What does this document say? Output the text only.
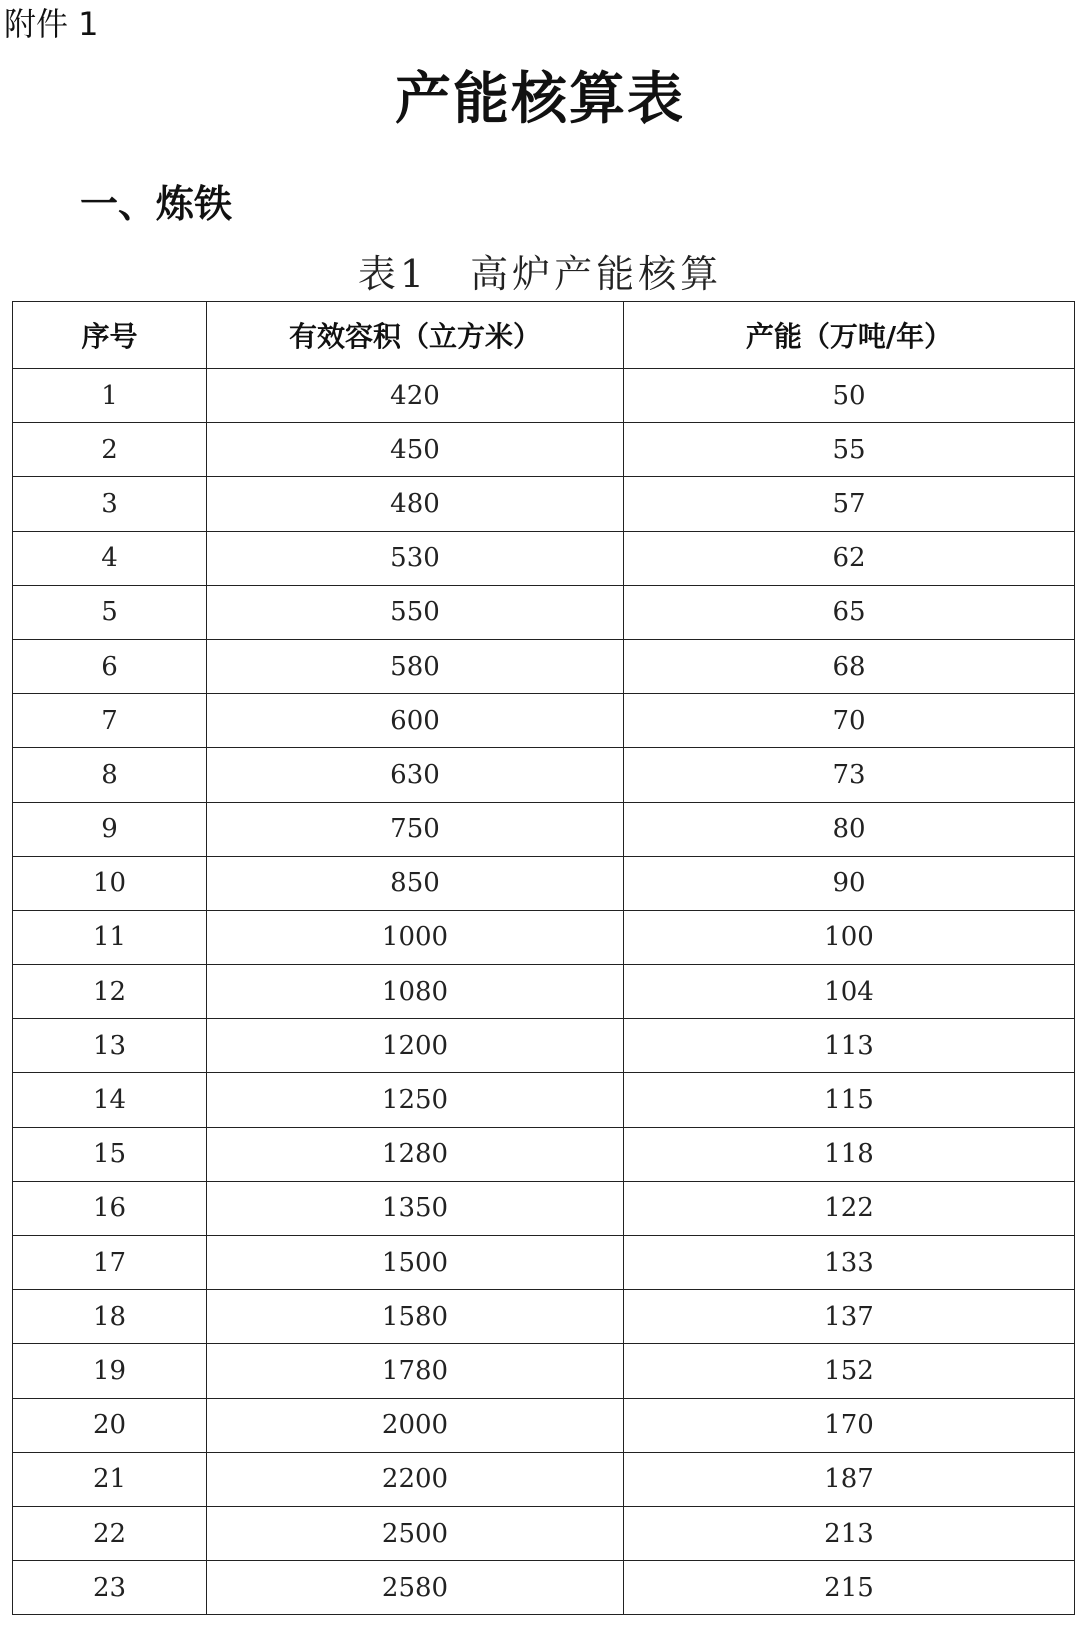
附件 1
产能核算表
一、炼铁
表1　高炉产能核算
序号	有效容积（立方米）	产能（万吨/年）
1	420	50
2	450	55
3	480	57
4	530	62
5	550	65
6	580	68
7	600	70
8	630	73
9	750	80
10	850	90
11	1000	100
12	1080	104
13	1200	113
14	1250	115
15	1280	118
16	1350	122
17	1500	133
18	1580	137
19	1780	152
20	2000	170
21	2200	187
22	2500	213
23	2580	215
